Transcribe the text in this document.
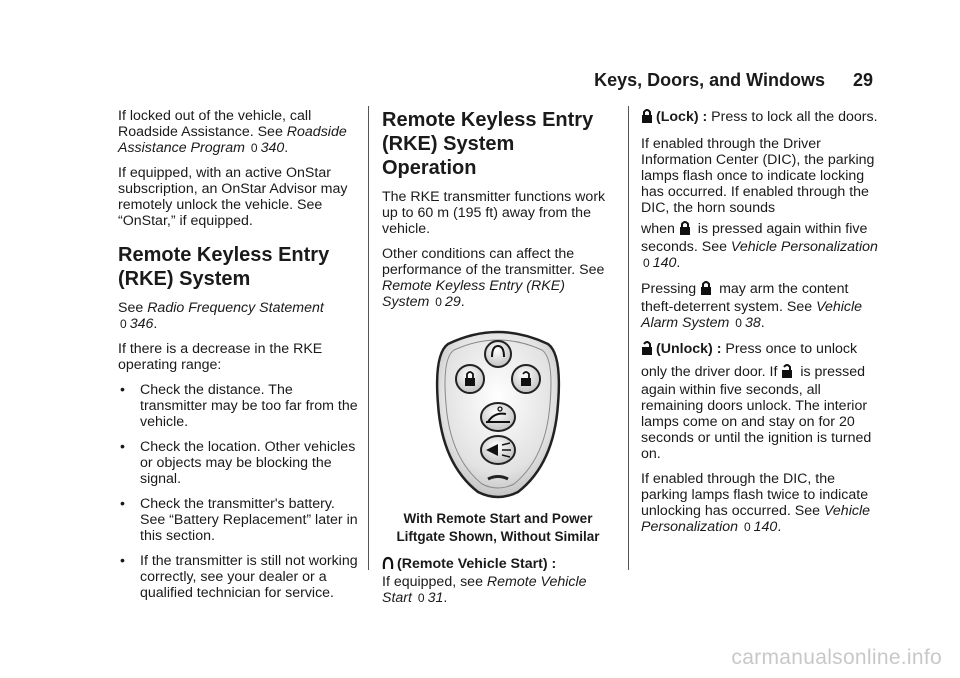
Keys, Doors, and Windows 29

If locked out of the vehicle, call Roadside Assistance. See Roadside Assistance Program 0 340.

If equipped, with an active OnStar subscription, an OnStar Advisor may remotely unlock the vehicle. See “OnStar,” if equipped.

Remote Keyless Entry (RKE) System

See Radio Frequency Statement
0 346.

If there is a decrease in the RKE operating range:

• Check the distance. The transmitter may be too far from the vehicle.
• Check the location. Other vehicles or objects may be blocking the signal.
• Check the transmitter's battery. See “Battery Replacement” later in this section.
• If the transmitter is still not working correctly, see your dealer or a qualified technician for service.
Remote Keyless Entry (RKE) System Operation

The RKE transmitter functions work up to 60 m (195 ft) away from the vehicle.

Other conditions can affect the performance of the transmitter. See Remote Keyless Entry (RKE) System 0 29.

With Remote Start and Power Liftgate Shown, Without Similar

(Remote Vehicle Start) :
If equipped, see Remote Vehicle Start 0 31.

(Lock) : Press to lock all the doors.

If enabled through the Driver Information Center (DIC), the parking lamps flash once to indicate locking has occurred. If enabled through the DIC, the horn sounds

when  is pressed again within five seconds. See Vehicle Personalization 0 140.

Pressing  may arm the content theft-deterrent system. See Vehicle Alarm System 0 38.

(Unlock) : Press once to unlock

only the driver door. If  is pressed again within five seconds, all remaining doors unlock. The interior lamps come on and stay on for 20 seconds or until the ignition is turned on.

If enabled through the DIC, the parking lamps flash twice to indicate unlocking has occurred. See Vehicle Personalization 0 140.

carmanualsonline.info
